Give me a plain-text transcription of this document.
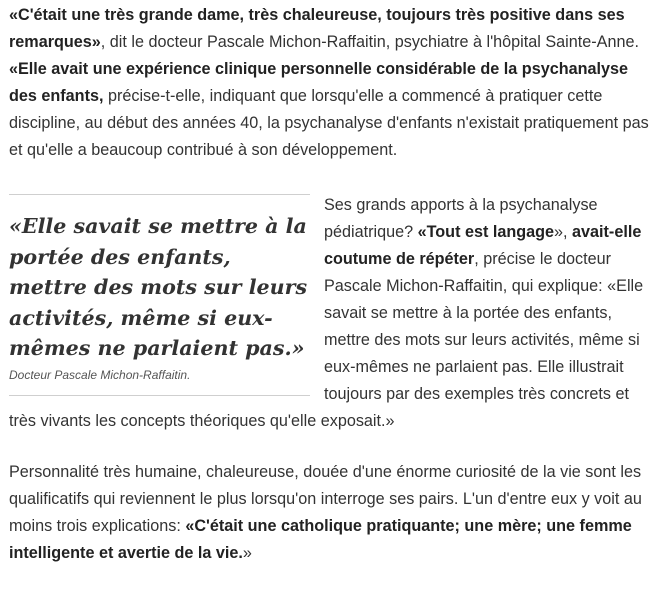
«C'était une très grande dame, très chaleureuse, toujours très positive dans ses remarques», dit le docteur Pascale Michon-Raffaitin, psychiatre à l'hôpital Sainte-Anne. «Elle avait une expérience clinique personnelle considérable de la psychanalyse des enfants, précise-t-elle, indiquant que lorsqu'elle a commencé à pratiquer cette discipline, au début des années 40, la psychanalyse d'enfants n'existait pratiquement pas et qu'elle a beaucoup contribué à son développement.

«Elle savait se mettre à la portée des enfants, mettre des mots sur leurs activités, même si eux-mêmes ne parlaient pas.»

Docteur Pascale Michon-Raffaitin.

Ses grands apports à la psychanalyse pédiatrique? «Tout est langage», avait-elle coutume de répéter, précise le docteur Pascale Michon-Raffaitin, qui explique: «Elle savait se mettre à la portée des enfants, mettre des mots sur leurs activités, même si eux-mêmes ne parlaient pas. Elle illustrait toujours par des exemples très concrets et très vivants les concepts théoriques qu'elle exposait.»

Personnalité très humaine, chaleureuse, douée d'une énorme curiosité de la vie sont les qualificatifs qui reviennent le plus lorsqu'on interroge ses pairs. L'un d'entre eux y voit au moins trois explications: «C'était une catholique pratiquante; une mère; une femme intelligente et avertie de la vie.»
